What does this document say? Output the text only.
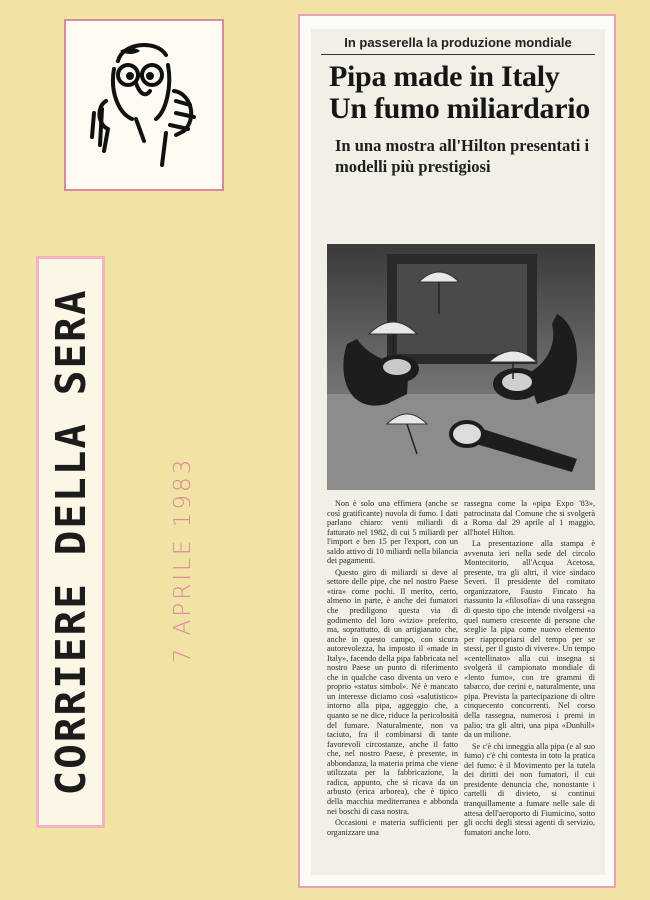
CORRIERE DELLA SERA	7 APRILE 1983
In passerella la produzione mondiale
Pipa made in Italy
Un fumo miliardario
In una mostra all'Hilton presentati i modelli più prestigiosi

Non è solo una effimera (anche se così gratificante) nuvola di fumo. I dati parlano chiaro: venti miliardi di fatturato nel 1982, di cui 5 miliardi per l'import e ben 15 per l'export, con un saldo attivo di 10 miliardi nella bilancia dei pagamenti.

Questo giro di miliardi si deve al settore delle pipe, che nel nostro Paese «tira» come pochi. Il merito, certo, almeno in parte, è anche dei fumatori che prediligono questa via di godimento del loro «vizio» preferito, ma, soprattutto, di un artigianato che, anche in questo campo, con sicura autorevolezza, ha imposto il «made in Italy», facendo della pipa fabbricata nel nostro Paese un punto di riferimento che in qualche caso diventa un vero e proprio «status simbol». Né è mancato un interesse diciamo così «salutistico» intorno alla pipa, aggeggio che, a quanto se ne dice, riduce la pericolosità del fumare. Naturalmente, non va taciuto, fra il combinarsi di tante favorevoli circostanze, anche il fatto che, nel nostro Paese, è presente, in abbondanza, la materia prima che viene utilizzata per la fabbricazione, la radica, appunto, che si ricava da un arbusto (erica arborea), che è tipico della macchia mediterranea e abbonda nei boschi di casa nostra.

Occasioni e materia sufficienti per organizzare una

rassegna come la «pipa Expo '83», patrocinata dal Comune che si svolgerà a Roma dal 29 aprile al 1 maggio, all'hotel Hilton.

La presentazione alla stampa è avvenuta ieri nella sede del circolo Montecitorio, all'Acqua Acetosa, presente, tra gli altri, il vice sindaco Severi. Il presidente del comitato organizzatore, Fausto Fincato ha riassunto la «filosofia» di una rassegna di questo tipo che intende rivolgersi «a quel numero crescente di persone che sceglie la pipa come nuovo elemento per riappropriarsi del tempo per se stessi, per il gusto di vivere». Un tempo «centellinato» alla cui insegna si svolgerà il campionato mondiale di «lento fumo», con tre grammi di tabacco, due cerini e, naturalmente, una pipa. Prevista la partecipazione di oltre cinquecento concorrenti. Nel corso della rassegna, numerosi i premi in palio; tra gli altri, una pipa «Dunhill» da un milione.

Se c'è chi inneggia alla pipa (e al suo fumo) c'è chi contesta in toto la pratica del fumo: è il Movimento per la tutela dei diritti dei non fumatori, il cui presidente denuncia che, nonostante i cartelli di divieto, si continui tranquillamente a fumare nelle sale di attesa dell'aeroporto di Fiumicino, sotto gli occhi degli stessi agenti di servizio, fumatori anche loro.
